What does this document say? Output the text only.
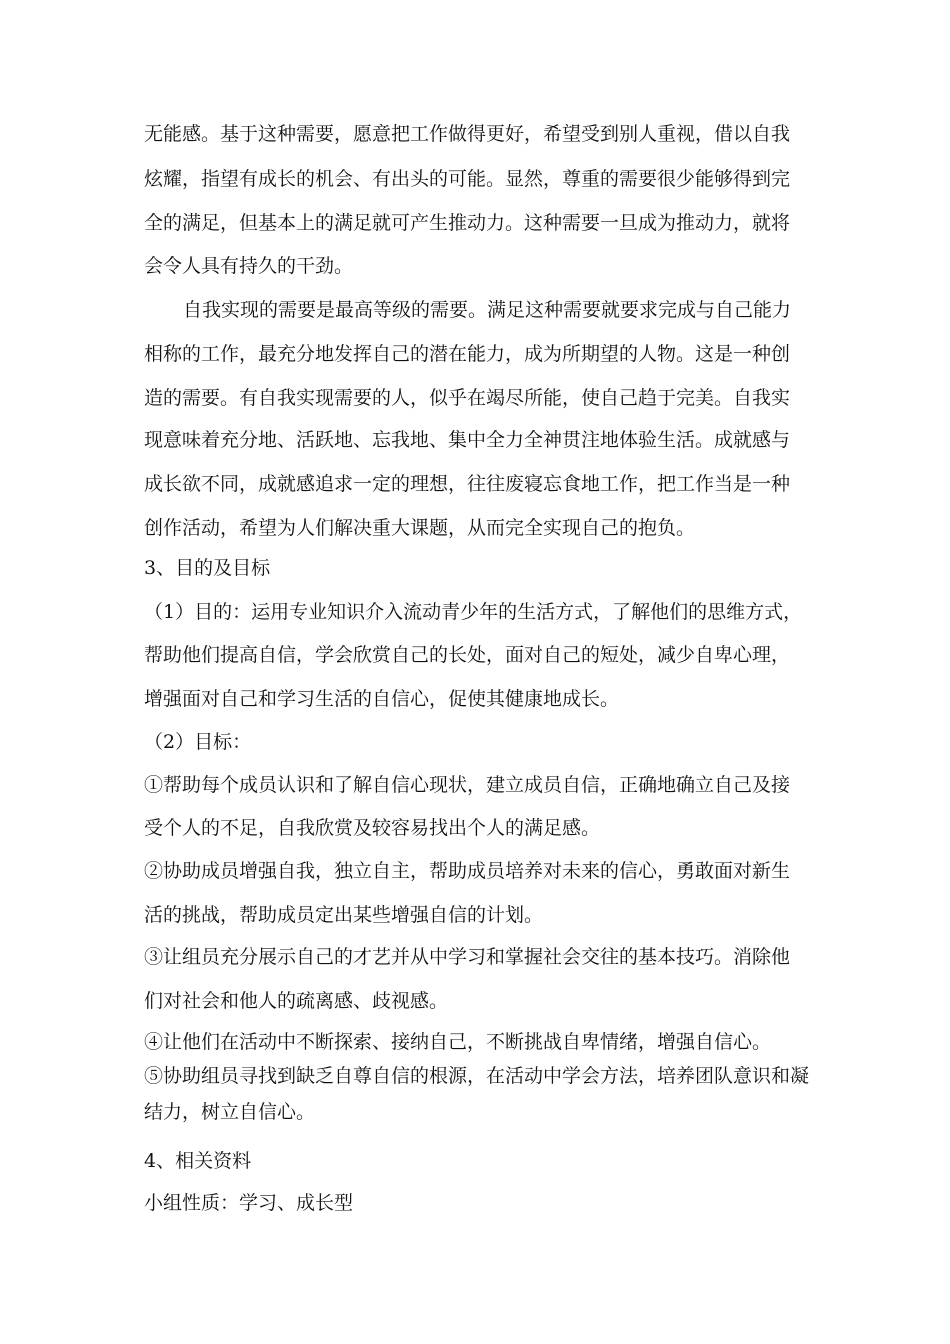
无能感。基于这种需要，愿意把工作做得更好，希望受到别人重视，借以自我

炫耀，指望有成长的机会、有出头的可能。显然，尊重的需要很少能够得到完

全的满足，但基本上的满足就可产生推动力。这种需要一旦成为推动力，就将

会令人具有持久的干劲。

自我实现的需要是最高等级的需要。满足这种需要就要求完成与自己能力

相称的工作，最充分地发挥自己的潜在能力，成为所期望的人物。这是一种创

造的需要。有自我实现需要的人，似乎在竭尽所能，使自己趋于完美。自我实

现意味着充分地、活跃地、忘我地、集中全力全神贯注地体验生活。成就感与

成长欲不同，成就感追求一定的理想，往往废寝忘食地工作，把工作当是一种

创作活动，希望为人们解决重大课题，从而完全实现自己的抱负。

3、目的及目标

（1）目的：运用专业知识介入流动青少年的生活方式，了解他们的思维方式，

帮助他们提高自信，学会欣赏自己的长处，面对自己的短处，减少自卑心理，

增强面对自己和学习生活的自信心，促使其健康地成长。

（2）目标：

①帮助每个成员认识和了解自信心现状，建立成员自信，正确地确立自己及接

受个人的不足，自我欣赏及较容易找出个人的满足感。

②协助成员增强自我，独立自主，帮助成员培养对未来的信心，勇敢面对新生

活的挑战，帮助成员定出某些增强自信的计划。

③让组员充分展示自己的才艺并从中学习和掌握社会交往的基本技巧。消除他

们对社会和他人的疏离感、歧视感。

④让他们在活动中不断探索、接纳自己，不断挑战自卑情绪，增强自信心。

⑤协助组员寻找到缺乏自尊自信的根源，在活动中学会方法，培养团队意识和凝

结力，树立自信心。

4、相关资料

小组性质：学习、成长型
